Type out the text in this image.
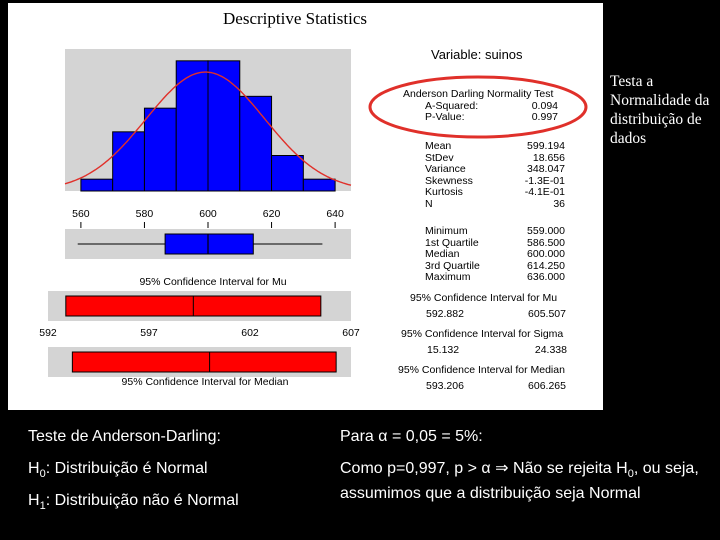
560	580	600	620	640
95% Confidence Interval for Mu
592	597	602	607
95% Confidence Interval for Median
Descriptive Statistics
Variable: suinos
Anderson Darling Normality Test
A-Squared:	0.094
P-Value:	0.997
Mean	599.194
StDev	18.656
Variance	348.047
Skewness	-1.3E-01
Kurtosis	-4.1E-01
N	36
Minimum	559.000
1st Quartile	586.500
Median	600.000
3rd Quartile	614.250
Maximum	636.000
95% Confidence Interval for Mu
592.882	605.507
95% Confidence Interval for Sigma
15.132	24.338
95% Confidence Interval for Median
593.206	606.265
Testa a Normalidade da distribuição de dados
Teste de Anderson-Darling:
$H_0$: Distribuição é Normal
$H_1$: Distribuição não é Normal
Para α = 0,05 = 5%:
Como p=0,997, p > α ⇒ Não se rejeita $H_0$, ou seja, assumimos que a distribuição seja Normal
